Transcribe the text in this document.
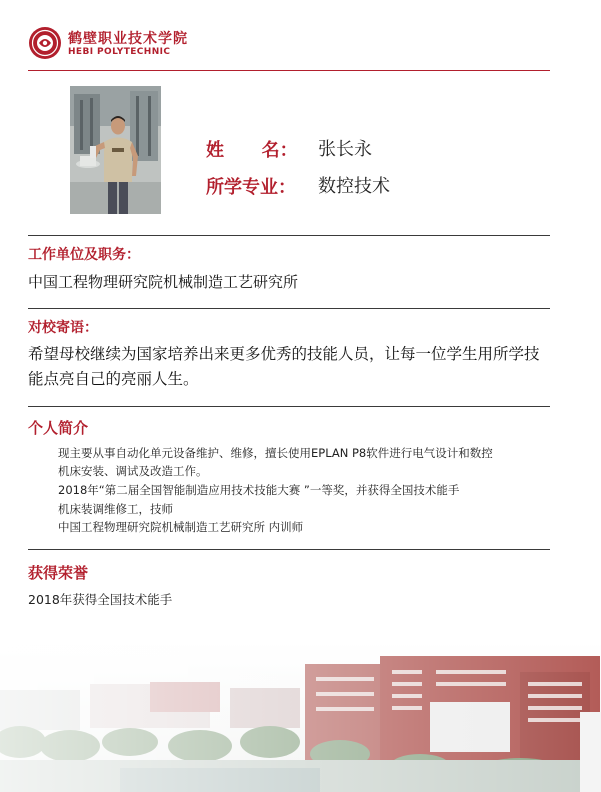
鹤壁职业技术学院
HEBI POLYTECHNIC
姓      名： 张长永
所学专业： 数控技术
工作单位及职务：
中国工程物理研究院机械制造工艺研究所
对校寄语：
希望母校继续为国家培养出来更多优秀的技能人员，让每一位学生用所学技能点亮自己的亮丽人生。
个人简介
现主要从事自动化单元设备维护、维修，擅长使用EPLAN P8软件进行电气设计和数控
机床安装、调试及改造工作。
2018年“第二届全国智能制造应用技术技能大赛 ”一等奖，并获得全国技术能手
机床装调维修工，技师
中国工程物理研究院机械制造工艺研究所 内训师
获得荣誉
2018年获得全国技术能手
